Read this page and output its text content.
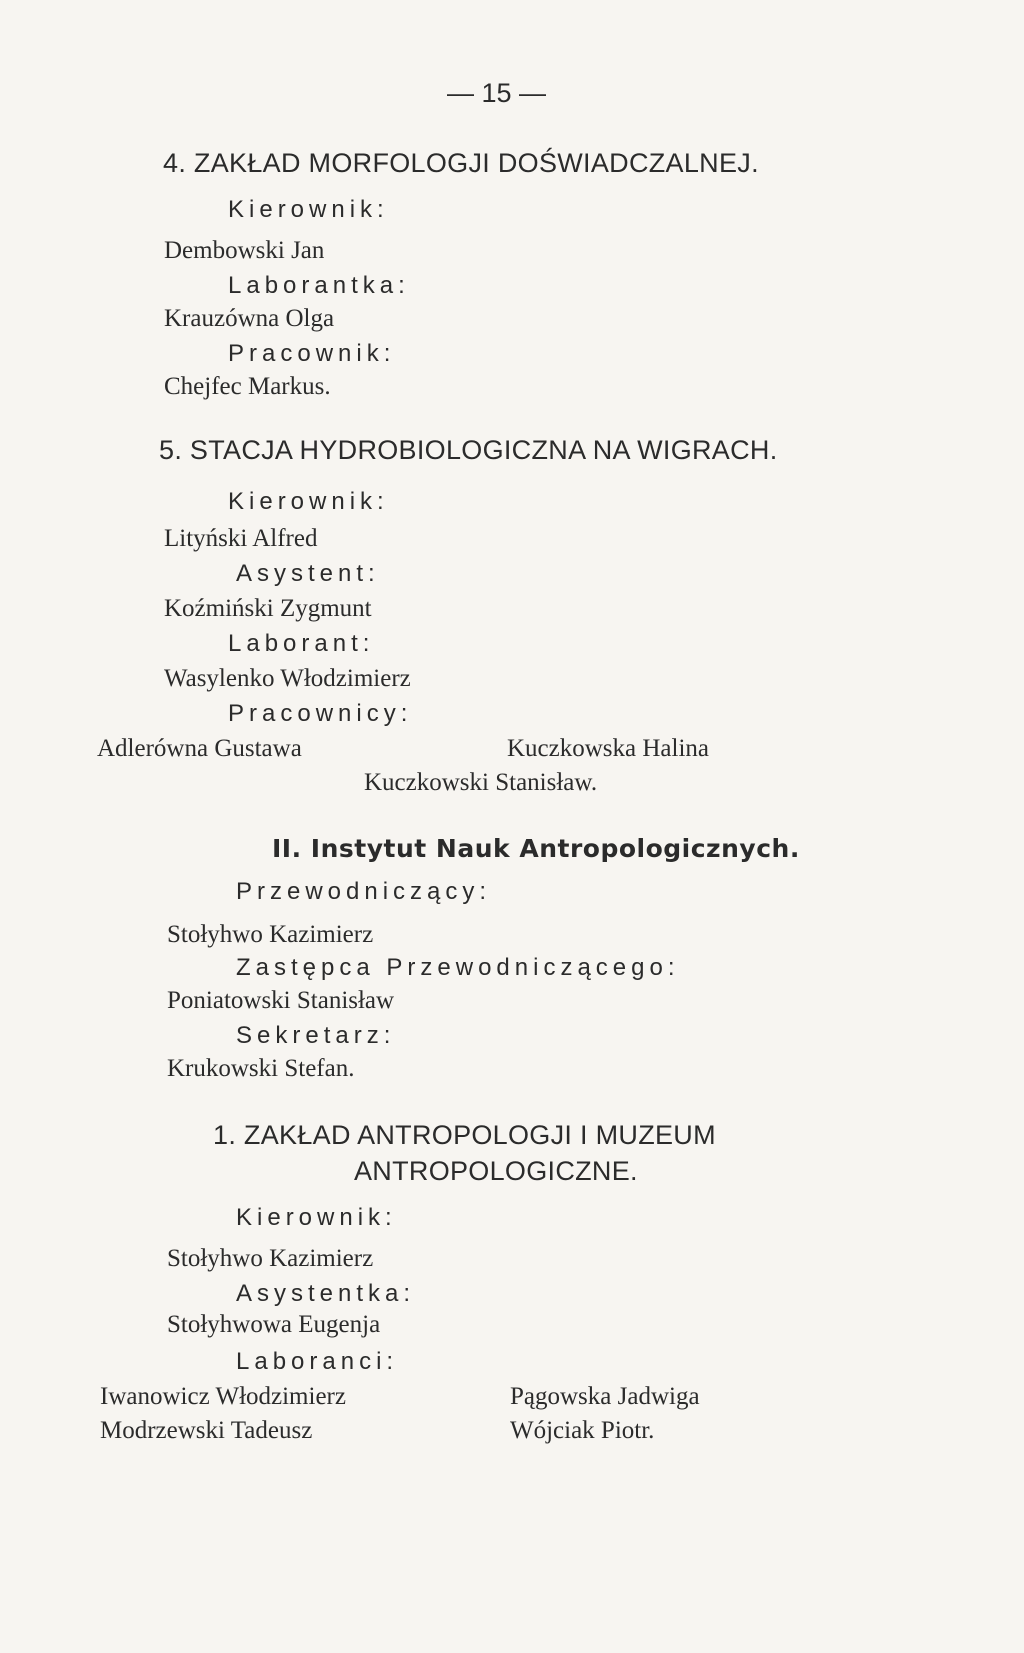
— 15 —
4. ZAKŁAD MORFOLOGJI DOŚWIADCZALNEJ.
Kierownik:
Dembowski Jan
Laborantka:
Krauzówna Olga
Pracownik:
Chejfec Markus.
5. STACJA HYDROBIOLOGICZNA NA WIGRACH.
Kierownik:
Lityński Alfred
Asystent:
Koźmiński Zygmunt
Laborant:
Wasylenko Włodzimierz
Pracownicy:
Adlerówna Gustawa	Kuczkowska Halina
Kuczkowski Stanisław.
II. Instytut Nauk Antropologicznych.
Przewodniczący:
Stołyhwo Kazimierz
Zastępca Przewodniczącego:
Poniatowski Stanisław
Sekretarz:
Krukowski Stefan.
1. ZAKŁAD ANTROPOLOGJI I MUZEUM
ANTROPOLOGICZNE.
Kierownik:
Stołyhwo Kazimierz
Asystentka:
Stołyhwowa Eugenja
Laboranci:
Iwanowicz Włodzimierz	Pągowska Jadwiga
Modrzewski Tadeusz	Wójciak Piotr.
